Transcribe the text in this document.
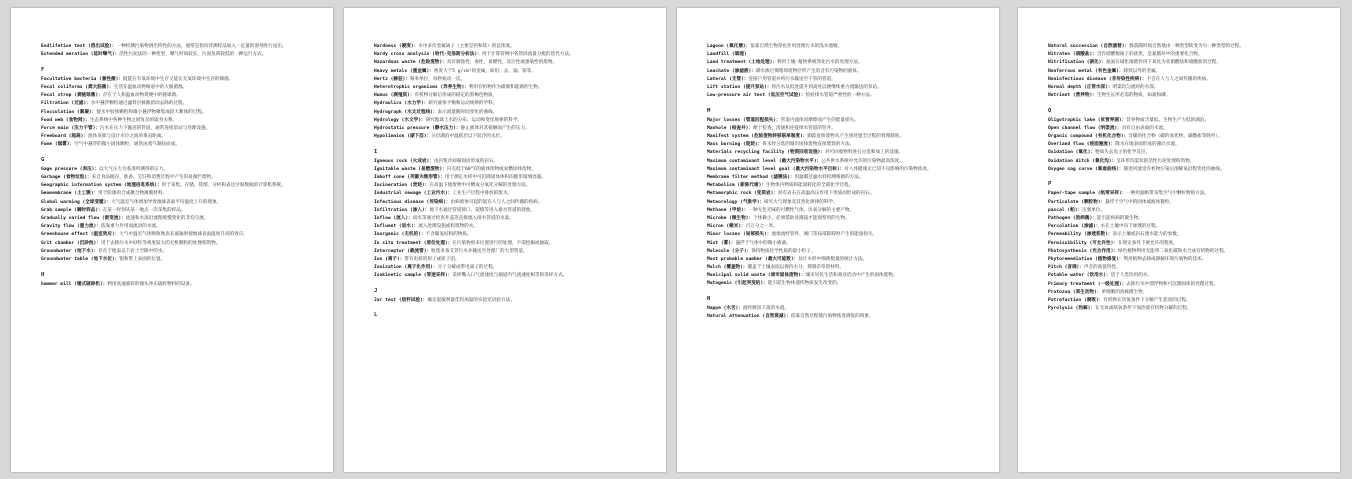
Endlifetion test (溶出试验)：一种检测污染物溶出特性的方法，通常是指向待测样品加入一定量的溶剂进行浸出。
Extended aeration (延时曝气)：活性污泥法的一种变型，曝气时间较长，污泥负荷较低的一种运行方式。
F
Facultative bacteria (兼性菌)：既能在有氧环境中生存又能在无氧环境中生存的细菌。
Fecal coliforms (粪大肠菌)：生活在温血动物肠道中的大肠菌群。
Fecal strep (粪链球菌)：存在于人和温血动物粪便中的链球菌。
Filtration (过滤)：水中悬浮颗粒通过滤料层被截留而去除的过程。
Flocculation (絮凝)：使水中胶体颗粒和微小悬浮物聚集成较大絮体的过程。
Food web (食物网)：生态系统中各种生物之间复杂的取食关系。
Force main (压力干管)：污水在压力下输送的管道，通常连接泵站与处理设施。
Freeboard (超高)：池体顶部与设计水位之间的垂直距离。
Fume (烟雾)：空气中悬浮的微小固体颗粒，通常由蒸气凝结而成。
G
Gage pressure (表压)：以大气压力为基准所测得的压力。
Garbage (食物垃圾)：来自食品储存、准备、烹饪和消费过程中产生的易腐烂废物。
Geographic information system (地理信息系统)：用于采集、存储、管理、分析和表达空间数据的计算机系统。
Geomembrane (土工膜)：用于防渗的合成聚合物薄膜材料。
Global warming (全球变暖)：大气温室气体增加导致地球表面平均温度上升的现象。
Grab sample (瞬时样品)：在某一时刻从某一地点一次采集的样品。
Gradually varied flow (渐变流)：流速和水深沿流程缓慢变化的非均匀流。
Gravity flow (重力流)：依靠重力作用而流动的水流。
Greenhouse effect (温室效应)：大气中温室气体吸收地表长波辐射使地球表面温度升高的效应。
Grit chamber (沉砂池)：用于去除污水中砂粒等密度较大的无机颗粒的处理构筑物。
Groundwater (地下水)：存在于地表以下岩土空隙中的水。
Groundwater table (地下水位)：饱和带上表面的位置。
H
hammer mill (锤式破碎机)：利用高速旋转的锤头冲击破碎物料的设备。
Hardness (硬度)：水中多价金属离子（主要是钙和镁）的总浓度。
Hardy cross analysis (哈代-克洛斯分析法)：用于计算管网中各管段流量分配的迭代方法。
Hazardous waste (危险废物)：具有腐蚀性、毒性、易燃性、反应性或感染性的废物。
Heavy metals (重金属)：密度大于5 g/cm³的金属，如铅、汞、镉、铬等。
Hertz (赫兹)：频率单位，每秒振动一次。
Heterotrophic organisms (异养生物)：利用有机物作为碳源和能源的生物。
Humus (腐殖质)：有机物分解后形成的稳定的黑褐色物质。
Hydraulics (水力学)：研究液体平衡和运动规律的学科。
Hydrograph (水文过程线)：表示流量随时间变化的曲线。
Hydrology (水文学)：研究地球上水的分布、运动和变化规律的科学。
Hydrostatic pressure (静水压力)：静止液体对其接触面产生的压力。
Hypolimnion (湖下层)：分层湖泊中温跃层以下较冷的水层。
I
Igneous rock (火成岩)：由岩浆冷却凝固而形成的岩石。
Ignitable waste (易燃废物)：闪点低于60°C的液体废物或易燃固体废物。
Imhoff cone (英霍夫锥形管)：用于测定水样中可沉降固体体积的锥形玻璃容器。
Incineration (焚烧)：在高温下使废物中可燃成分氧化分解的处理方法。
Industrial sewage (工业污水)：工业生产过程中排放的废水。
Infectious disease (传染病)：由病原体引起的能在人与人之间传播的疾病。
Infiltration (渗入)：地下水通过管道接口、裂缝等进入排水管道的现象。
Inflow (流入)：雨水等通过检查井盖等直接流入排水管道的水量。
Influent (进水)：流入处理设施或构筑物的水。
Inorganic (无机的)：不含碳氢结构的物质。
In situ treatment (原位处理)：在污染物原来位置进行的处理，不需挖掘或抽取。
Interceptor (截流管)：收集多条支管污水并输送至处理厂的大型管道。
Ion (离子)：带有电荷的原子或原子团。
Ionization (离子化作用)：分子分解成带电离子的过程。
Isokinetic sample (等速采样)：采样嘴入口气流速度与烟道内气流速度相等的采样方式。
J
Jar test (烧杯试验)：确定混凝剂最佳投加量的实验室试验方法。
L
Lagoon (氧化塘)：依靠自然生物净化作用处理污水的浅水池塘。
Landfill (填埋)
Land treatment (土地处理)：利用土壤-植物系统净化污水的处理方法。
Leachate (渗滤液)：降水渗过填埋场废物层所产生的含有污染物的液体。
Lateral (支管)：连接户用管道并将污水输送至干管的管道。
Lift station (提升泵站)：将污水从低处提升到高处以便继续重力流输送的泵站。
Low-pressure air test (低压空气试验)：检验排水管道严密性的一种方法。
M
Major losses (管道沿程损失)：管道内流体因摩擦而产生的能量损失。
Manhole (检查井)：便于检查、清通和连接排水管道的竖井。
Manifest system (危险废物转移联单制度)：跟踪危险废物从产生到处置全过程的管理制度。
Mass burning (混烧)：将未经分选的城市固体废物直接焚烧的方法。
Materials recycling facility (物资回收设施)：对可回收物料进行分选和加工的设施。
Maximum contaminant level (最大污染物水平)：公共供水系统中允许的污染物最高浓度。
Maximum contaminant level goal (最大污染物水平目标)：对人体健康无已知不良影响的污染物浓度。
Membrane filter method (滤膜法)：用滤膜过滤水样检测细菌的方法。
Metabolism (新陈代谢)：生物体内物质和能量转化的全部化学过程。
Metamorphic rock (变质岩)：原有岩石在高温高压作用下变质而形成的岩石。
Meteorology (气象学)：研究大气现象及其变化规律的科学。
Methane (甲烷)：一种无色无味的可燃性气体，厌氧分解的主要产物。
Microbe (微生物)：个体微小、必须借助显微镜才能观察到的生物。
Micron (微米)：百万分之一米。
Minor losses (局部损失)：流体流经管件、阀门等局部障碍时产生的能量损失。
Mist (雾)：悬浮于气体中的微小液滴。
Molecule (分子)：保持物质化学性质的最小粒子。
Most probable number (最大可能数)：估计水样中细菌数量的统计方法。
Mulch (覆盖物)：覆盖于土壤表面以保持水分、抑制杂草的材料。
Municipal solid waste (城市固体废物)：城市居民生活和商业活动中产生的固体废物。
Mutagenic (引起突变的)：能引起生物体遗传物质发生改变的。
N
Nappe (水舌)：流经堰顶下落的水流。
Natural attenuation (自然衰减)：依靠自然过程使污染物浓度降低的现象。
Natural succession (自然演替)：群落随时间自然地由一种类型转变为另一种类型的过程。
Nitrates (硝酸盐)：含有硝酸根离子的盐类，是氮循环中的重要化合物。
Nitrification (硝化)：氨氮在硝化细菌作用下氧化为亚硝酸盐和硝酸盐的过程。
Nonferrous metal (有色金属)：除铁以外的金属。
Noninfectious disease (非传染性疾病)：不会在人与人之间传播的疾病。
Normal depth (正常水深)：明渠均匀流时的水深。
Nutrient (营养物)：生物生长所必需的物质，如氮和磷。
O
Oligotrophic lake (贫营养湖)：营养物质含量低、生物生产力低的湖泊。
Open channel flow (明渠流)：具有自由表面的水流。
Organic compound (有机化合物)：含碳的化合物（碳的氧化物、碳酸盐等除外）。
Overland flow (坡面漫流)：降水在地表面形成的薄层水流。
Oxidation (氧化)：物质失去电子的化学反应。
Oxidation ditch (氧化沟)：呈环形沟渠状的活性污泥处理构筑物。
Oxygen sag curve (氧垂曲线)：描述河流受有机物污染后溶解氧沿程变化的曲线。
P
Paper-tape sample (纸带采样)：一种用滤纸带采集空气中颗粒物的方法。
Particulate (颗粒物)：悬浮于空气中的固体或液体微粒。
pascal (帕)：压强单位。
Pathogen (致病菌)：能引起疾病的微生物。
Percolation (渗滤)：水在土壤中向下渗透的过程。
Permeability (渗透系数)：表示土壤或岩石透水能力的参数。
Permissibility (可允许性)：在规定条件下被允许的程度。
Photosynthesis (光合作用)：绿色植物利用光能将二氧化碳和水合成有机物的过程。
Phytoremediation (植物修复)：利用植物去除或降解环境污染物的技术。
Pitch (音调)：声音的高低特性。
Potable water (饮用水)：适于人类饮用的水。
Primary treatment (一级处理)：去除污水中漂浮物和可沉降固体的处理过程。
Protozoa (原生动物)：单细胞的真核微生物。
Putrefaction (腐败)：有机物在厌氧条件下分解产生恶臭的过程。
Pyrolysis (热解)：在无氧或缺氧条件下加热使有机物分解的过程。
